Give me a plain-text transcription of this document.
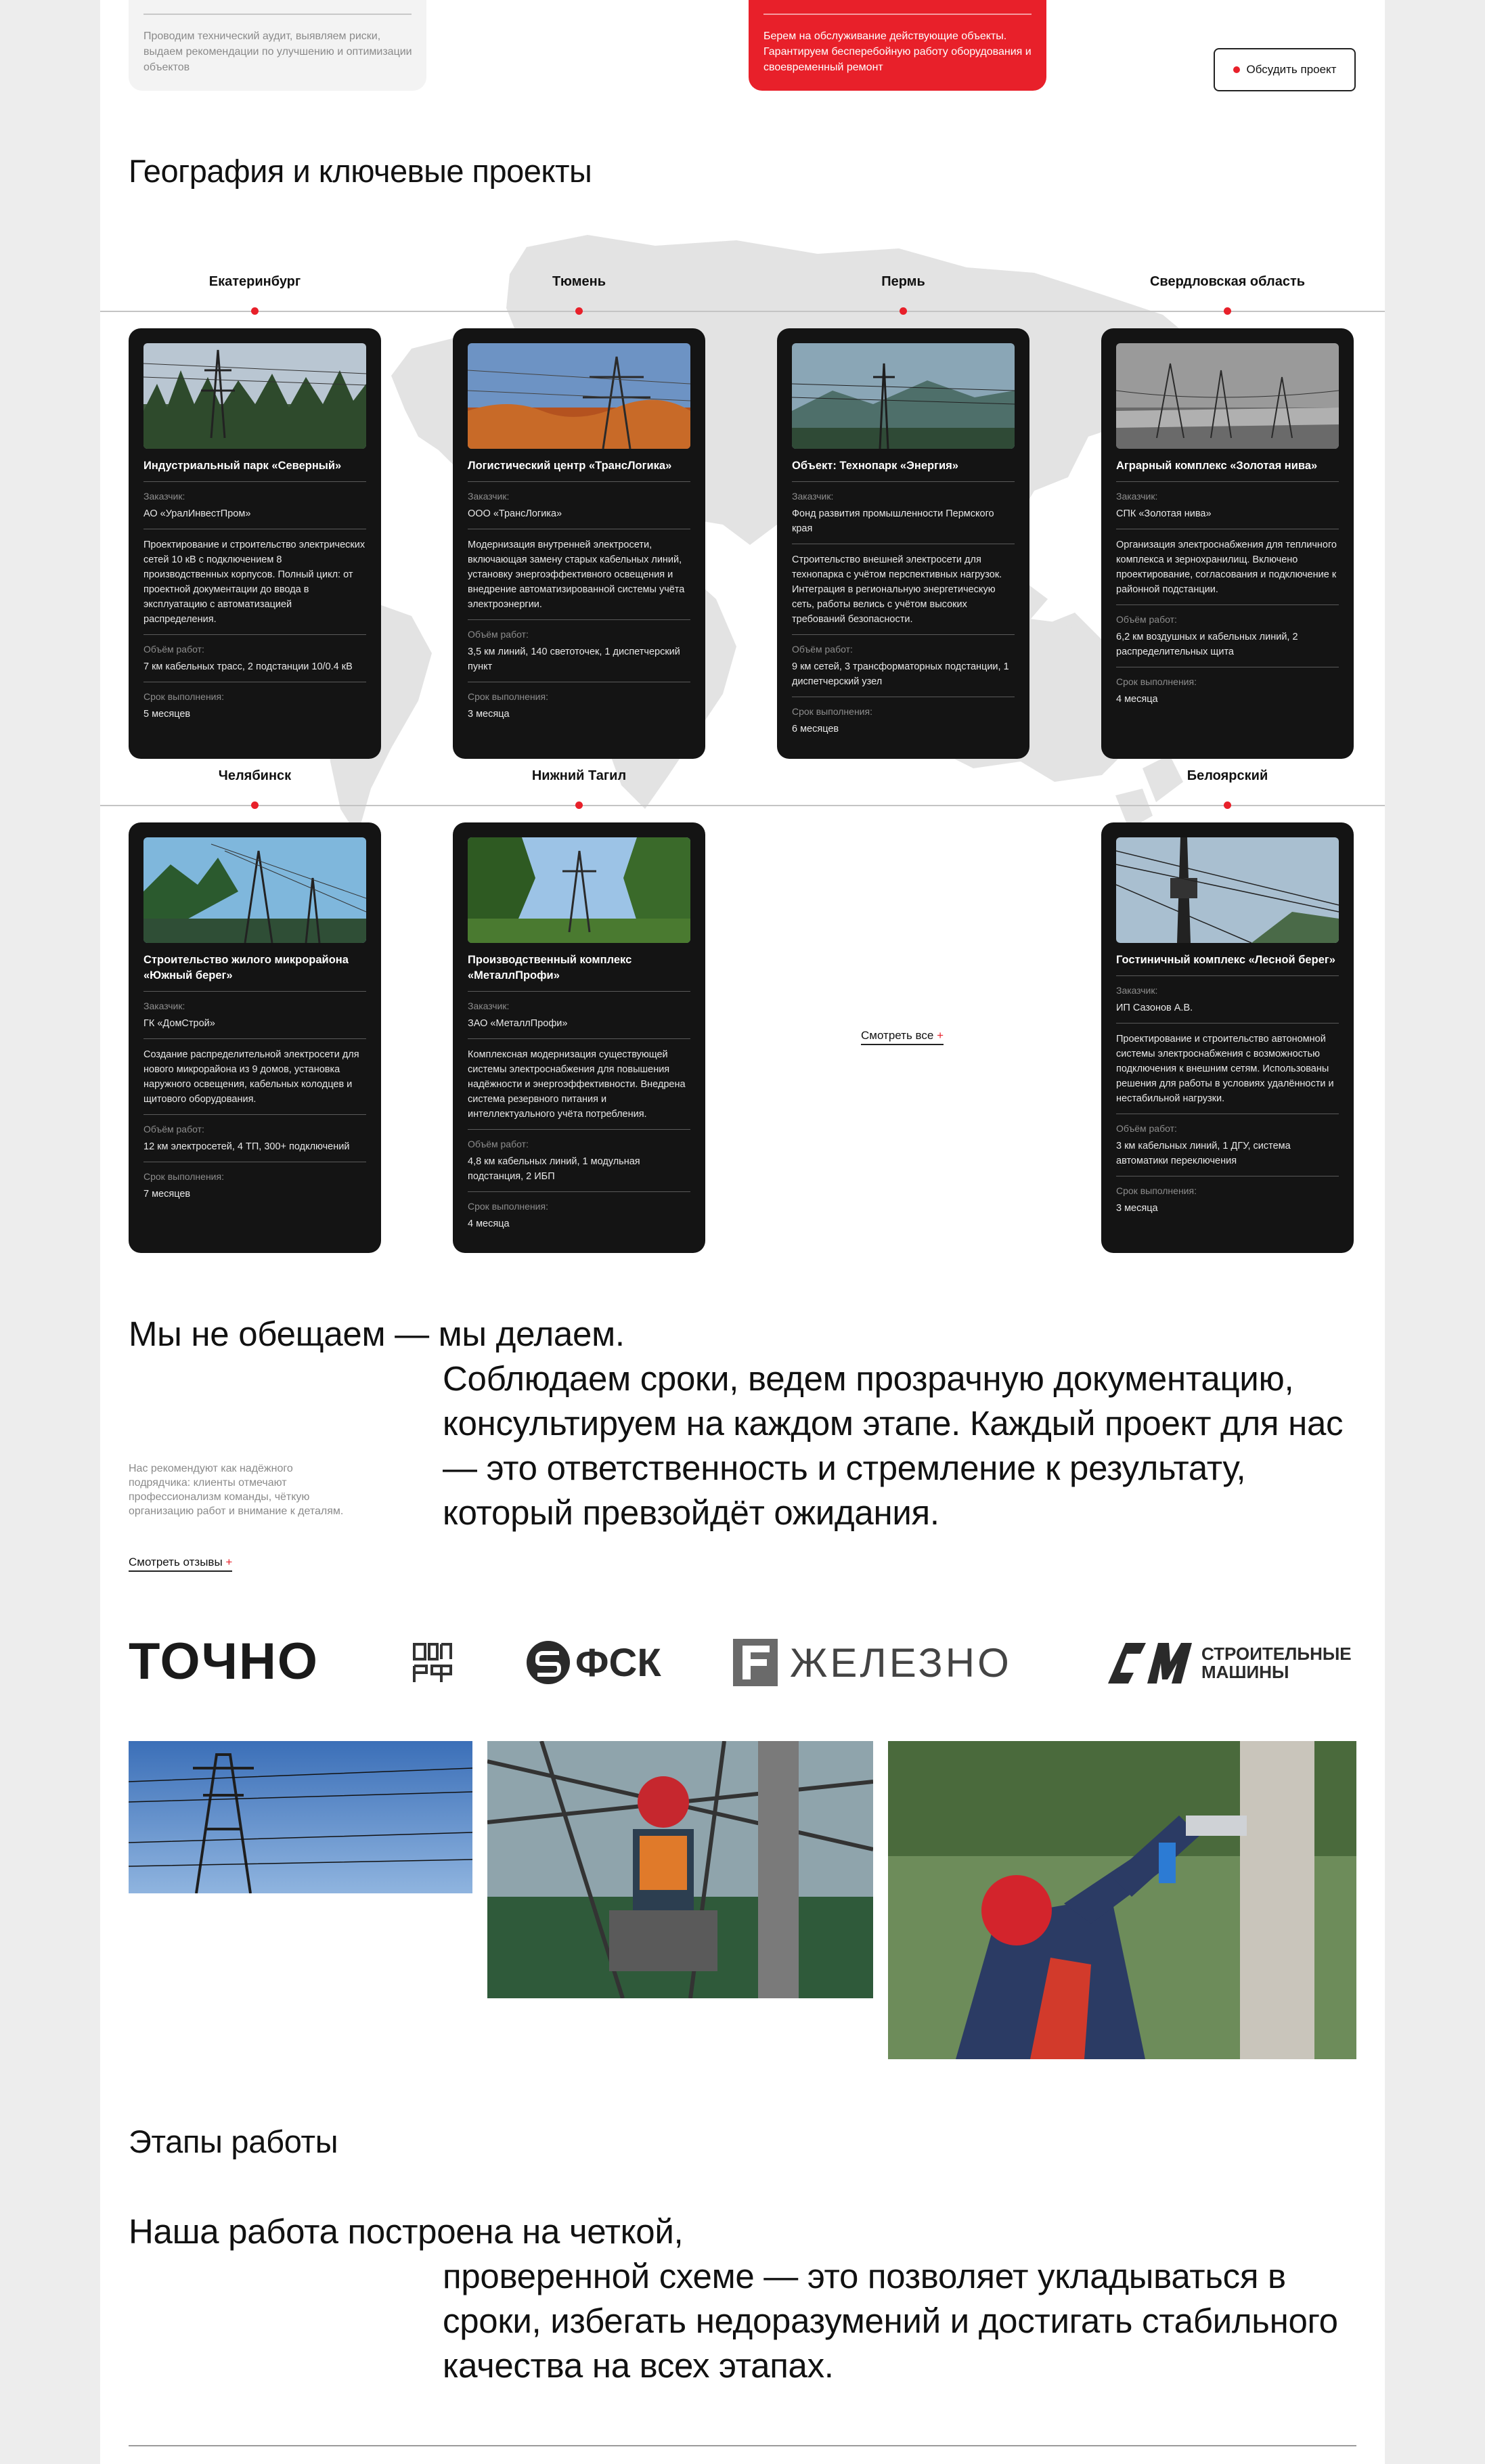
Проводим технический аудит, выявляем риски, выдаем рекомендации по улучшению и оптимизации объектов
Берем на обслуживание действующие объекты. Гарантируем бесперебойную работу оборудования и своевременный ремонт	Обсудить проект
География и ключевые проекты
Екатеринбург	Тюмень	Пермь	Свердловская область
Индустриальный парк «Северный»
Заказчик:
АО «УралИнвестПром»
Проектирование и строительство электрических сетей 10 кВ с подключением 8 производственных корпусов. Полный цикл: от проектной документации до ввода в эксплуатацию с автоматизацией распределения.
Объём работ:
7 км кабельных трасс, 2 подстанции 10/0.4 кВ
Срок выполнения:
5 месяцев
Логистический центр «ТрансЛогика»
Заказчик:
ООО «ТрансЛогика»
Модернизация внутренней электросети, включающая замену старых кабельных линий, установку энергоэффективного освещения и внедрение автоматизированной системы учёта электроэнергии.
Объём работ:
3,5 км линий, 140 светоточек, 1 диспетчерский пункт
Срок выполнения:
3 месяца
Объект: Технопарк «Энергия»
Заказчик:
Фонд развития промышленности Пермского края
Строительство внешней электросети для технопарка с учётом перспективных нагрузок. Интеграция в региональную энергетическую сеть, работы велись с учётом высоких требований безопасности.
Объём работ:
9 км сетей, 3 трансформаторных подстанции, 1 диспетчерский узел
Срок выполнения:
6 месяцев
Аграрный комплекс «Золотая нива»
Заказчик:
СПК «Золотая нива»
Организация электроснабжения для тепличного комплекса и зернохранилищ. Включено проектирование, согласования и подключение к районной подстанции.
Объём работ:
6,2 км воздушных и кабельных линий, 2 распределительных щита
Срок выполнения:
4 месяца
Челябинск	Нижний Тагил	Белоярский
Строительство жилого микрорайона «Южный берег»
Заказчик:
ГК «ДомСтрой»
Создание распределительной электросети для нового микрорайона из 9 домов, установка наружного освещения, кабельных колодцев и щитового оборудования.
Объём работ:
12 км электросетей, 4 ТП, 300+ подключений
Срок выполнения:
7 месяцев
Производственный комплекс «МеталлПрофи»
Заказчик:
ЗАО «МеталлПрофи»
Комплексная модернизация существующей системы электроснабжения для повышения надёжности и энергоэффективности. Внедрена система резервного питания и интеллектуального учёта потребления.
Объём работ:
4,8 км кабельных линий, 1 модульная подстанция, 2 ИБП
Срок выполнения:
4 месяца
Смотреть все +
Гостиничный комплекс «Лесной берег»
Заказчик:
ИП Сазонов А.В.
Проектирование и строительство автономной системы электроснабжения с возможностью подключения к внешним сетям. Использованы решения для работы в условиях удалённости и нестабильной нагрузки.
Объём работ:
3 км кабельных линий, 1 ДГУ, система автоматики переключения
Срок выполнения:
3 месяца
Мы не обещаем — мы делаем.
Соблюдаем сроки, ведем прозрачную документацию, консультируем на каждом этапе. Каждый проект для нас — это ответственность и стремление к результату, который превзойдёт ожидания.
Нас рекомендуют как надёжного подрядчика: клиенты отмечают профессионализм команды, чёткую организацию работ и внимание к деталям.
Смотреть отзывы +
ТОЧНО	ФСК	ЖЕЛЕЗНО	СТРОИТЕЛЬНЫЕ
МАШИНЫ
Этапы работы
Наша работа построена на четкой,
проверенной схеме — это позволяет укладываться в сроки, избегать недоразумений и достигать стабильного качества на всех этапах.
